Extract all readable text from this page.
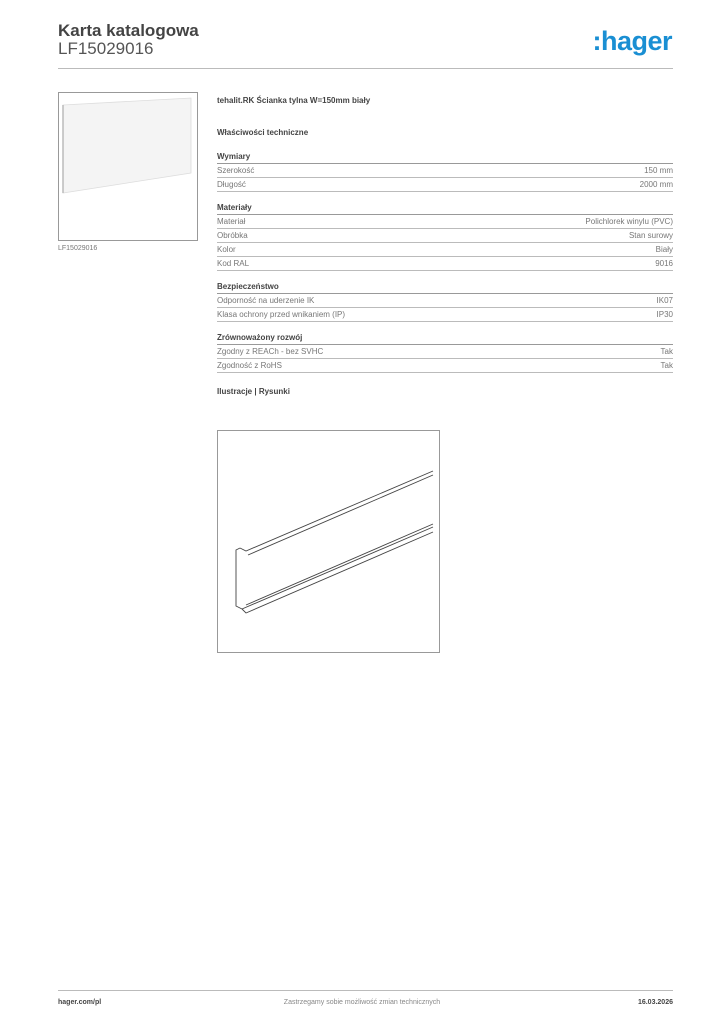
Karta katalogowa
LF15029016	:hager
LF15029016
tehalit.RK Ścianka tylna W=150mm biały
Właściwości techniczne
Wymiary
Szerokość	150 mm
Długość	2000 mm
Materiały
Materiał	Polichlorek winylu (PVC)
Obróbka	Stan surowy
Kolor	Biały
Kod RAL	9016
Bezpieczeństwo
Odporność na uderzenie IK	IK07
Klasa ochrony przed wnikaniem (IP)	IP30
Zrównoważony rozwój
Zgodny z REACh - bez SVHC	Tak
Zgodność z RoHS	Tak
Ilustracje | Rysunki
hager.com/pl	Zastrzegamy sobie możliwość zmian technicznych	16.03.2026
